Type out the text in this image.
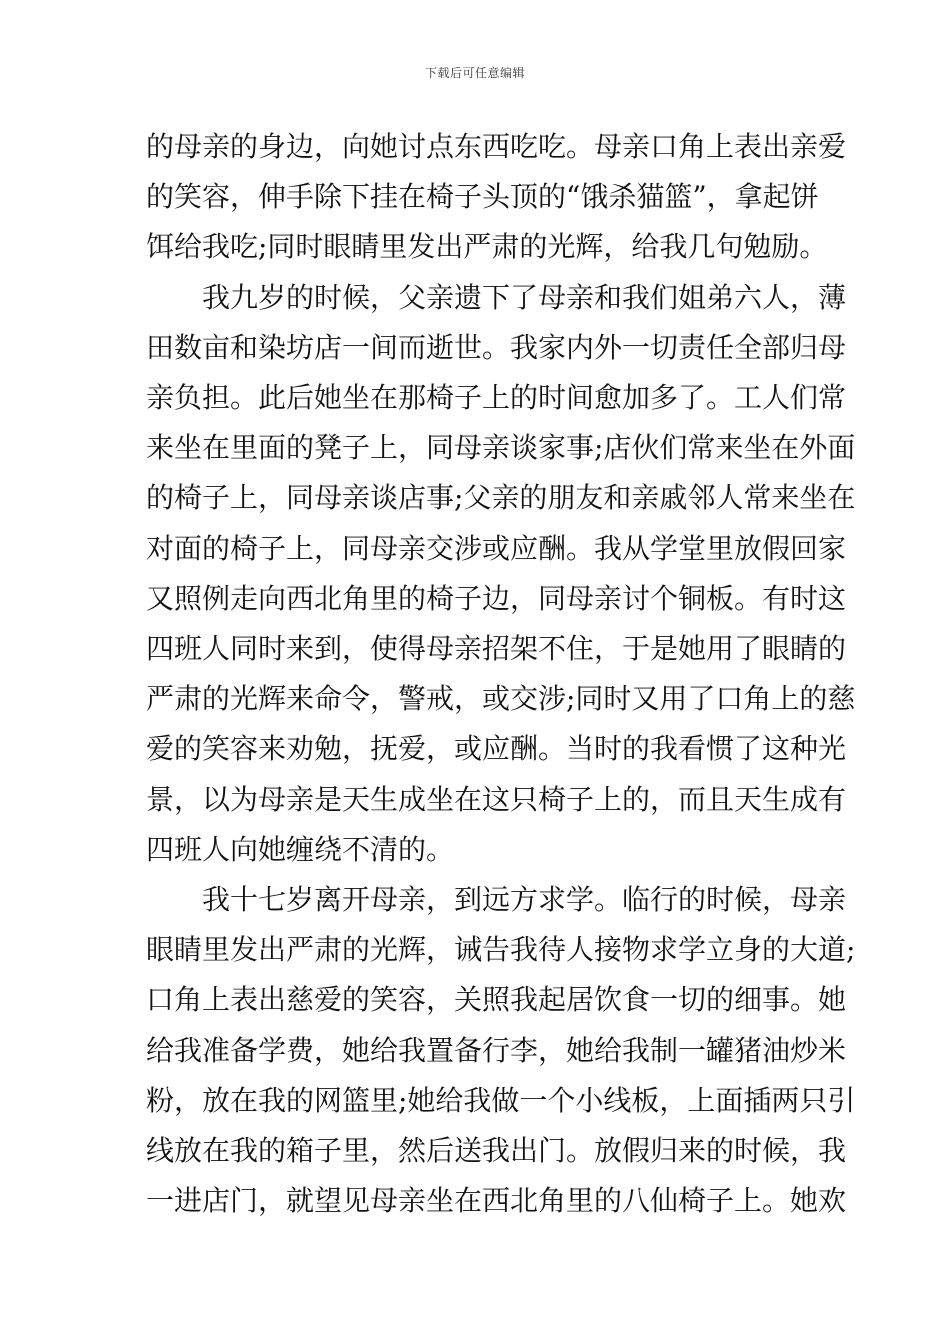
下载后可任意编辑
的母亲的身边，向她讨点东西吃吃。母亲口角上表出亲爱
的笑容，伸手除下挂在椅子头顶的“饿杀猫篮”，拿起饼
饵给我吃;同时眼睛里发出严肃的光辉，给我几句勉励。
我九岁的时候，父亲遗下了母亲和我们姐弟六人，薄
田数亩和染坊店一间而逝世。我家内外一切责任全部归母
亲负担。此后她坐在那椅子上的时间愈加多了。工人们常
来坐在里面的凳子上，同母亲谈家事;店伙们常来坐在外面
的椅子上，同母亲谈店事;父亲的朋友和亲戚邻人常来坐在
对面的椅子上，同母亲交涉或应酬。我从学堂里放假回家
又照例走向西北角里的椅子边，同母亲讨个铜板。有时这
四班人同时来到，使得母亲招架不住，于是她用了眼睛的
严肃的光辉来命令，警戒，或交涉;同时又用了口角上的慈
爱的笑容来劝勉，抚爱，或应酬。当时的我看惯了这种光
景，以为母亲是天生成坐在这只椅子上的，而且天生成有
四班人向她缠绕不清的。
我十七岁离开母亲，到远方求学。临行的时候，母亲
眼睛里发出严肃的光辉，诫告我待人接物求学立身的大道;
口角上表出慈爱的笑容，关照我起居饮食一切的细事。她
给我准备学费，她给我置备行李，她给我制一罐猪油炒米
粉，放在我的网篮里;她给我做一个小线板，上面插两只引
线放在我的箱子里，然后送我出门。放假归来的时候，我
一进店门，就望见母亲坐在西北角里的八仙椅子上。她欢
